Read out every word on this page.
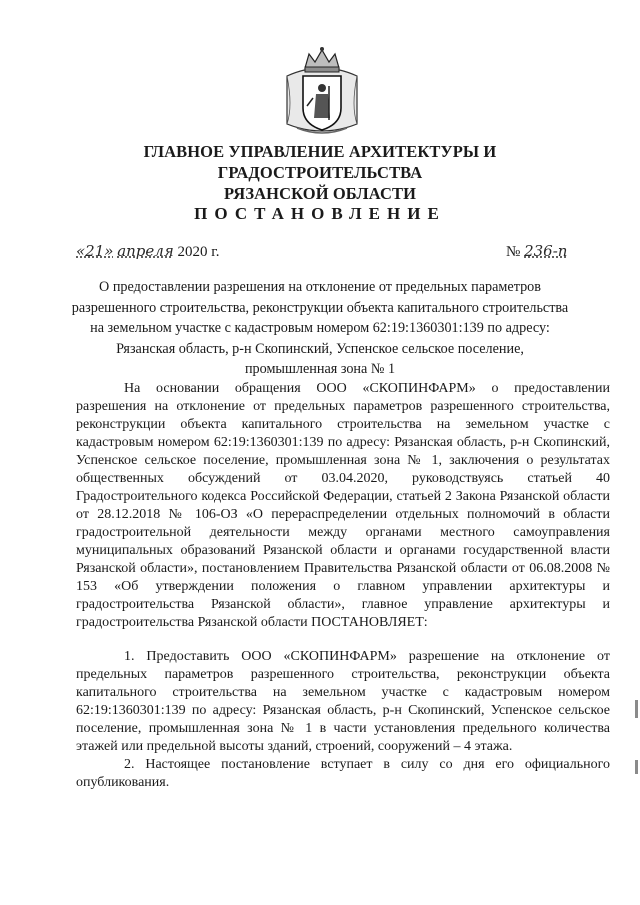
ГЛАВНОЕ УПРАВЛЕНИЕ АРХИТЕКТУРЫ И ГРАДОСТРОИТЕЛЬСТВА
РЯЗАНСКОЙ ОБЛАСТИ
ПОСТАНОВЛЕНИЕ
«21» апреля 2020 г.	№ 236-п
О предоставлении разрешения на отклонение от предельных параметров
разрешенного строительства, реконструкции объекта капитального строительства
на земельном участке с кадастровым номером 62:19:1360301:139 по адресу:
Рязанская область, р-н Скопинский, Успенское сельское поселение,
промышленная зона № 1

На основании обращения ООО «СКОПИНФАРМ» о предоставлении разрешения на отклонение от предельных параметров разрешенного строительства, реконструкции объекта капитального строительства на земельном участке с кадастровым номером 62:19:1360301:139 по адресу: Рязанская область, р-н Скопинский, Успенское сельское поселение, промышленная зона № 1, заключения о результатах общественных обсуждений от 03.04.2020, руководствуясь статьей 40 Градостроительного кодекса Российской Федерации, статьей 2 Закона Рязанской области от 28.12.2018 № 106-ОЗ «О перераспределении отдельных полномочий в области градостроительной деятельности между органами местного самоуправления муниципальных образований Рязанской области и органами государственной власти Рязанской области», постановлением Правительства Рязанской области от 06.08.2008 № 153 «Об утверждении положения о главном управлении архитектуры и градостроительства Рязанской области», главное управление архитектуры и градостроительства Рязанской области ПОСТАНОВЛЯЕТ:

1. Предоставить ООО «СКОПИНФАРМ» разрешение на отклонение от предельных параметров разрешенного строительства, реконструкции объекта капитального строительства на земельном участке с кадастровым номером 62:19:1360301:139 по адресу: Рязанская область, р-н Скопинский, Успенское сельское поселение, промышленная зона № 1 в части установления предельного количества этажей или предельной высоты зданий, строений, сооружений – 4 этажа.

2. Настоящее постановление вступает в силу со дня его официального опубликования.
